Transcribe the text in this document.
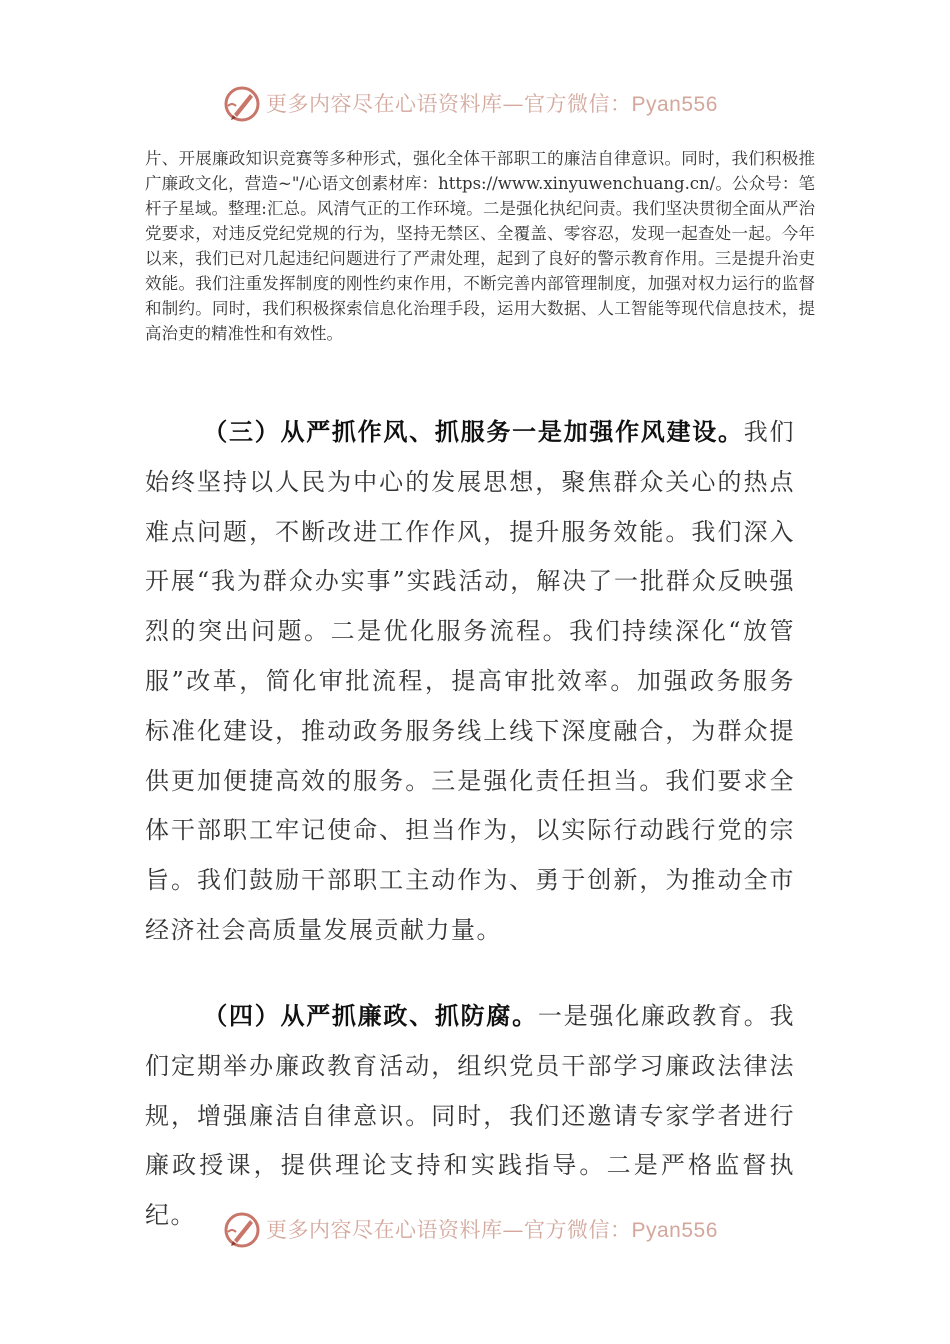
更多内容尽在心语资料库—官方微信：Pyan556
片、开展廉政知识竞赛等多种形式，强化全体干部职工的廉洁自律意识。同时，我们积极推广廉政文化，营造~"/心语文创素材库：https://www.xinyuwenchuang.cn/。公众号：笔杆子星域。整理:汇总。风清气正的工作环境。二是强化执纪问责。我们坚决贯彻全面从严治党要求，对违反党纪党规的行为，坚持无禁区、全覆盖、零容忍，发现一起查处一起。今年以来，我们已对几起违纪问题进行了严肃处理，起到了良好的警示教育作用。三是提升治吏效能。我们注重发挥制度的刚性约束作用，不断完善内部管理制度，加强对权力运行的监督和制约。同时，我们积极探索信息化治理手段，运用大数据、人工智能等现代信息技术，提高治吏的精准性和有效性。
（三）从严抓作风、抓服务一是加强作风建设。我们始终坚持以人民为中心的发展思想，聚焦群众关心的热点难点问题，不断改进工作作风，提升服务效能。我们深入开展“我为群众办实事”实践活动，解决了一批群众反映强烈的突出问题。二是优化服务流程。我们持续深化“放管服”改革，简化审批流程，提高审批效率。加强政务服务标准化建设，推动政务服务线上线下深度融合，为群众提供更加便捷高效的服务。三是强化责任担当。我们要求全体干部职工牢记使命、担当作为，以实际行动践行党的宗旨。我们鼓励干部职工主动作为、勇于创新，为推动全市经济社会高质量发展贡献力量。
（四）从严抓廉政、抓防腐。一是强化廉政教育。我们定期举办廉政教育活动，组织党员干部学习廉政法律法规，增强廉洁自律意识。同时，我们还邀请专家学者进行廉政授课，提供理论支持和实践指导。二是严格监督执纪。
更多内容尽在心语资料库—官方微信：Pyan556
